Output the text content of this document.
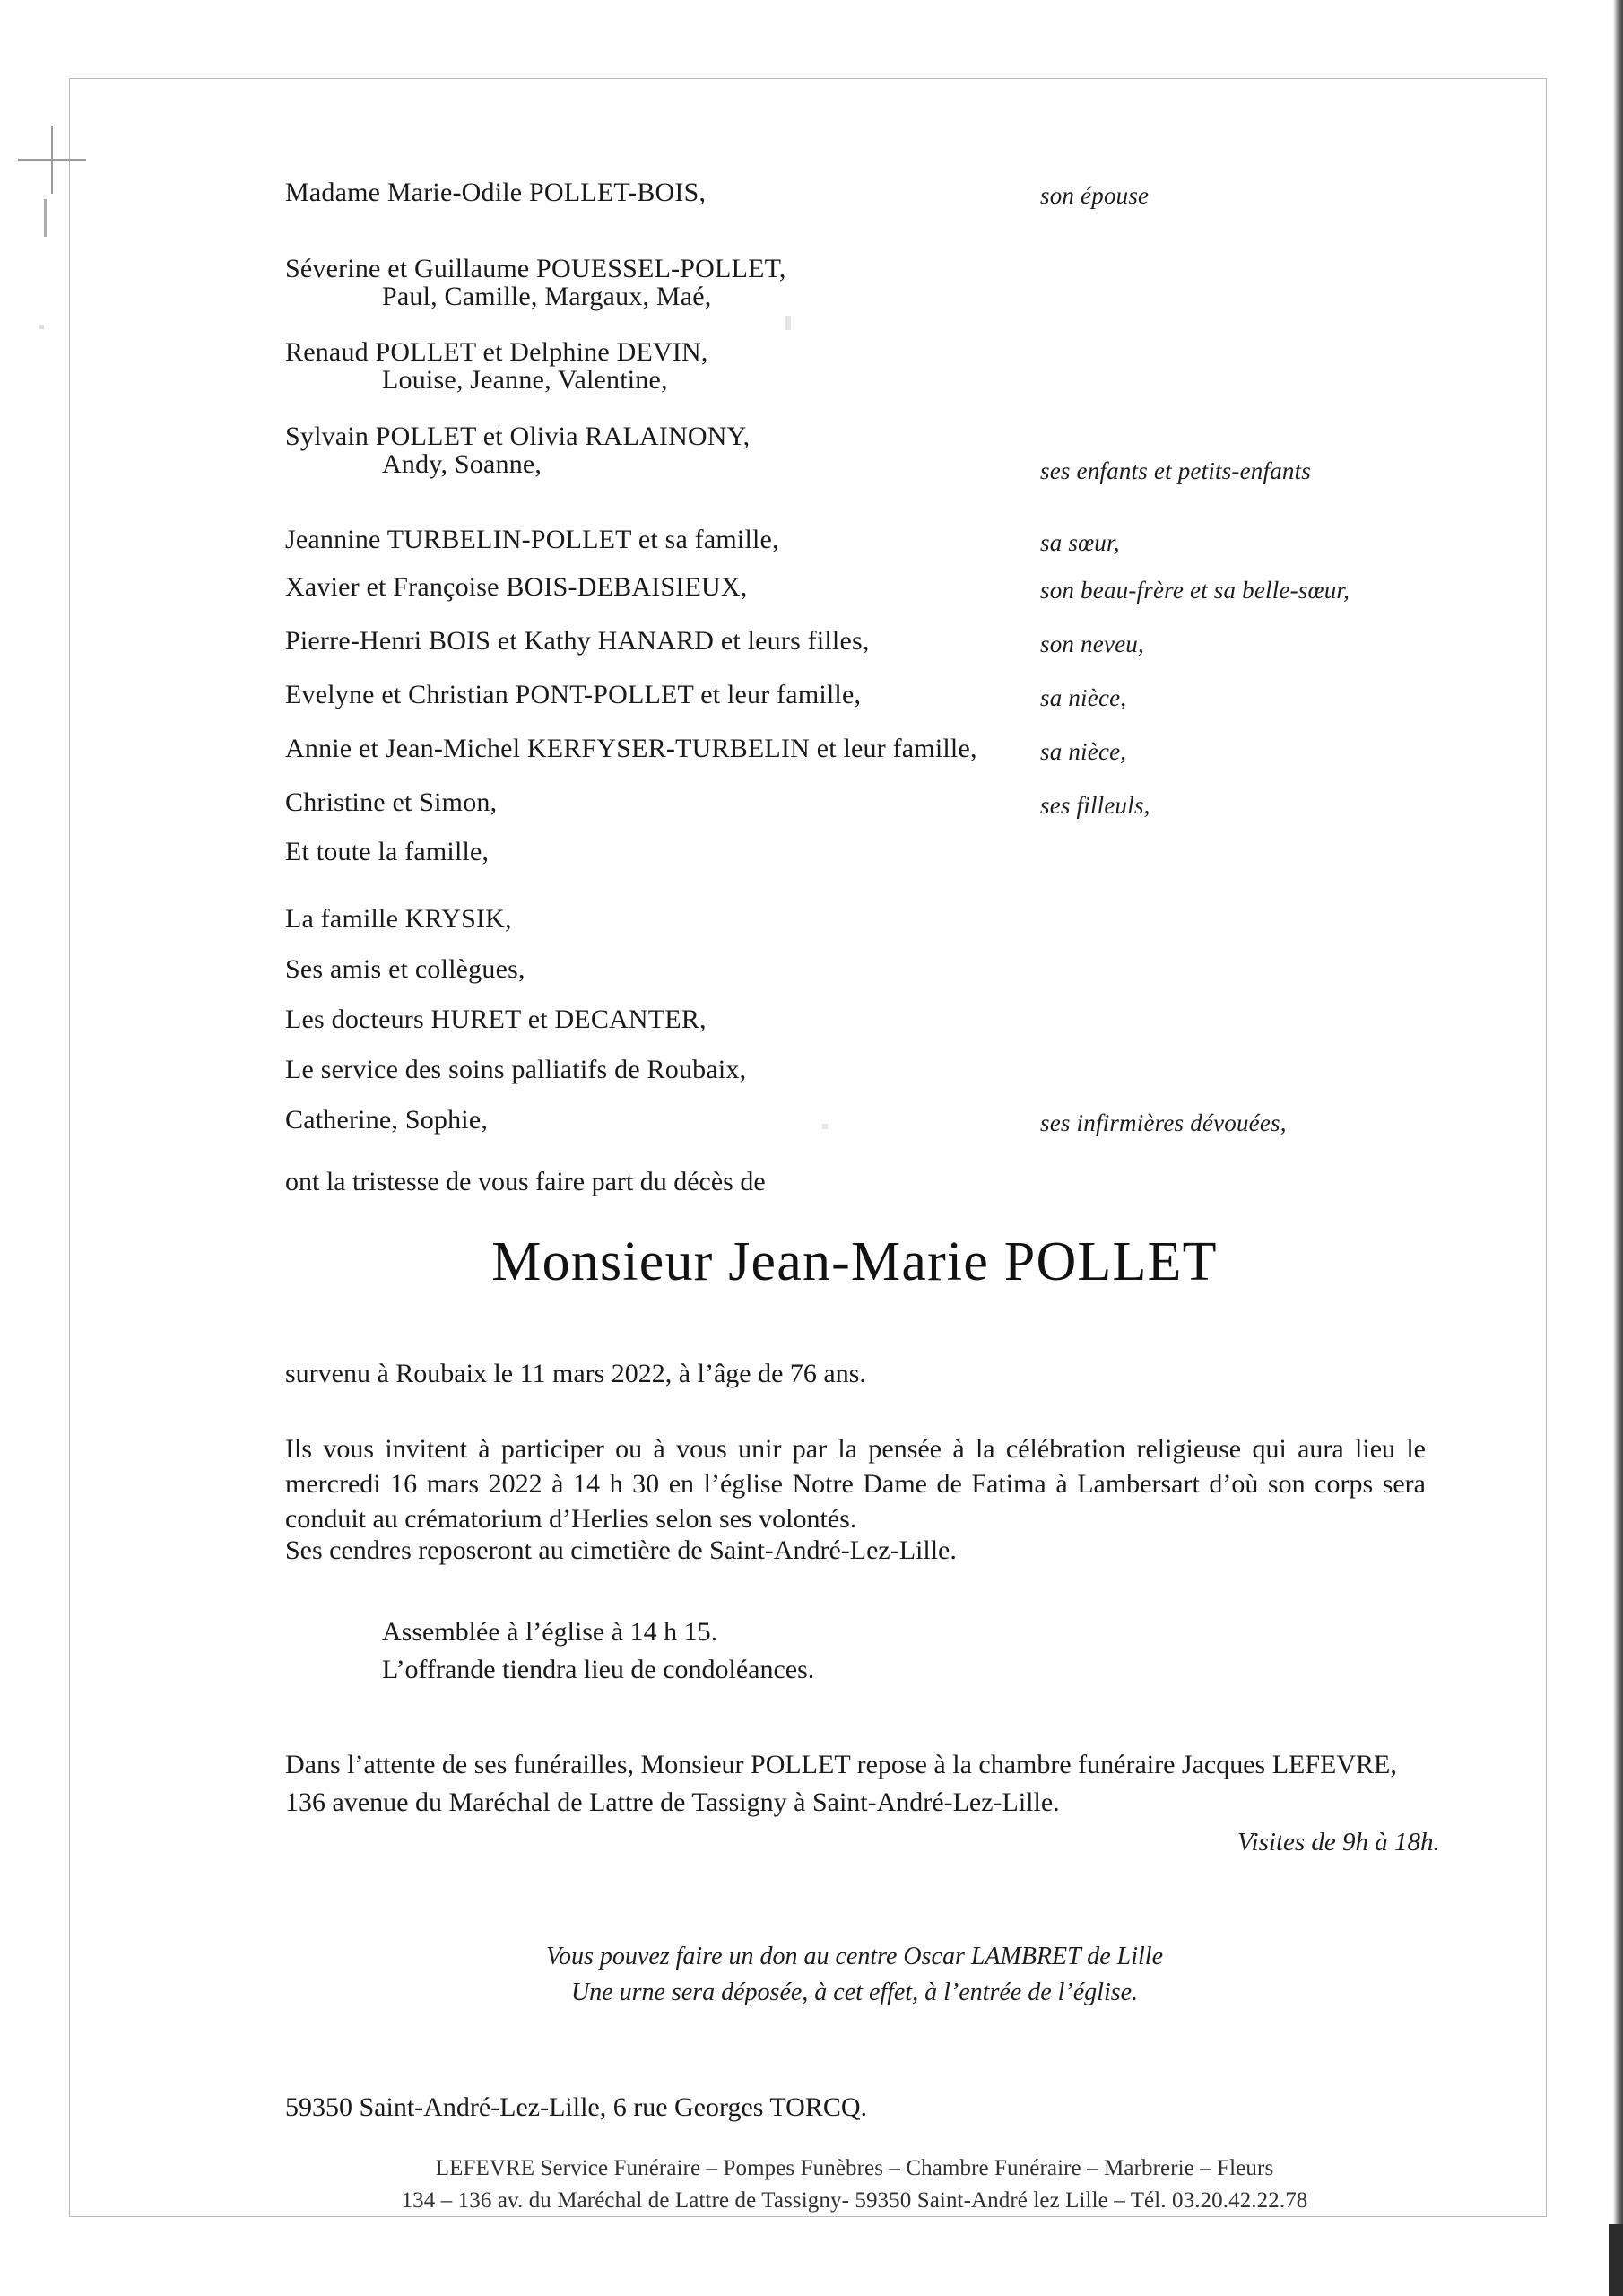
Madame Marie-Odile POLLET-BOIS,	son épouse
Séverine et Guillaume POUESSEL-POLLET,
Paul, Camille, Margaux, Maé,
Renaud POLLET et Delphine DEVIN,
Louise, Jeanne, Valentine,
Sylvain POLLET et Olivia RALAINONY,
Andy, Soanne,	ses enfants et petits-enfants
Jeannine TURBELIN-POLLET et sa famille,	sa sœur,
Xavier et Françoise BOIS-DEBAISIEUX,	son beau-frère et sa belle-sœur,
Pierre-Henri BOIS et Kathy HANARD et leurs filles,	son neveu,
Evelyne et Christian PONT-POLLET et leur famille,	sa nièce,
Annie et Jean-Michel KERFYSER-TURBELIN et leur famille,	sa nièce,
Christine et Simon,	ses filleuls,
Et toute la famille,
La famille KRYSIK,
Ses amis et collègues,
Les docteurs HURET et DECANTER,
Le service des soins palliatifs de Roubaix,
Catherine, Sophie,	ses infirmières dévouées,
ont la tristesse de vous faire part du décès de
Monsieur Jean-Marie POLLET
survenu à Roubaix le 11 mars 2022, à l’âge de 76 ans.
Ils vous invitent à participer ou à vous unir par la pensée à la célébration religieuse qui aura lieu le mercredi 16 mars 2022 à 14 h 30 en l’église Notre Dame de Fatima à Lambersart d’où son corps sera conduit au crématorium d’Herlies selon ses volontés.
Ses cendres reposeront au cimetière de Saint-André-Lez-Lille.
Assemblée à l’église à 14 h 15.
L’offrande tiendra lieu de condoléances.
Dans l’attente de ses funérailles, Monsieur POLLET repose à la chambre funéraire Jacques LEFEVRE,
136 avenue du Maréchal de Lattre de Tassigny à Saint-André-Lez-Lille.
Visites de 9h à 18h.
Vous pouvez faire un don au centre Oscar LAMBRET de Lille
Une urne sera déposée, à cet effet, à l’entrée de l’église.
59350 Saint-André-Lez-Lille, 6 rue Georges TORCQ.
LEFEVRE Service Funéraire – Pompes Funèbres – Chambre Funéraire – Marbrerie – Fleurs
134 – 136 av. du Maréchal de Lattre de Tassigny- 59350 Saint-André lez Lille – Tél. 03.20.42.22.78
